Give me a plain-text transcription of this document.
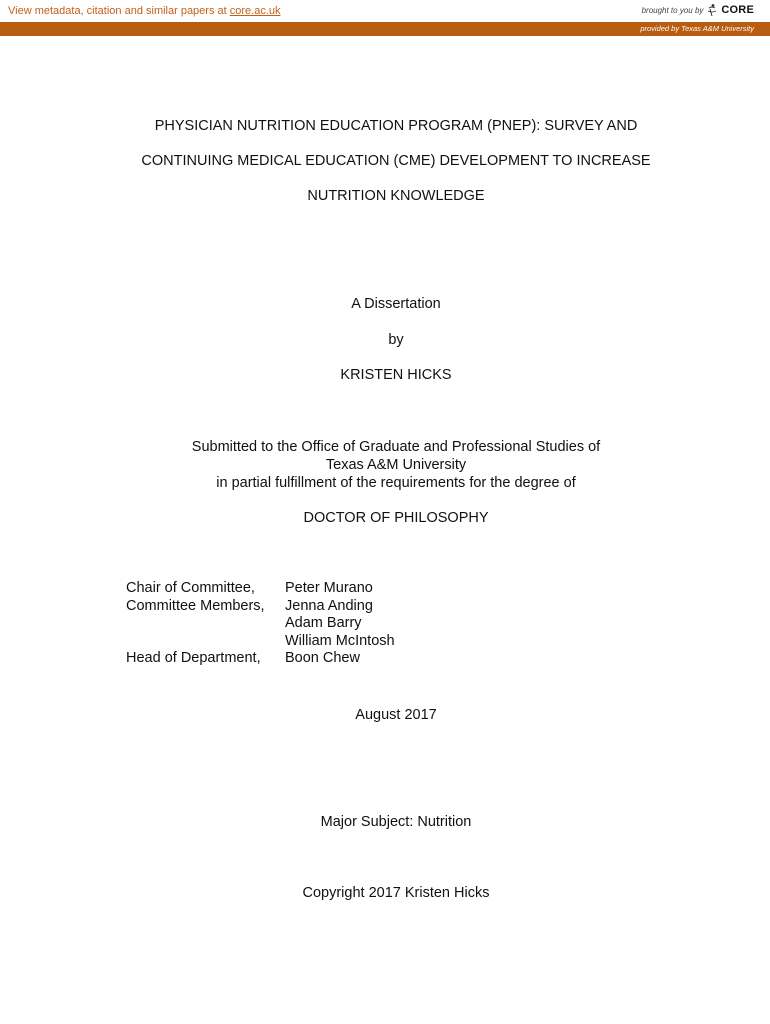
View metadata, citation and similar papers at core.ac.uk	brought to you by CORE
provided by Texas A&M University
PHYSICIAN NUTRITION EDUCATION PROGRAM (PNEP): SURVEY AND
CONTINUING MEDICAL EDUCATION (CME) DEVELOPMENT TO INCREASE
NUTRITION KNOWLEDGE
A Dissertation
by
KRISTEN HICKS
Submitted to the Office of Graduate and Professional Studies of
Texas A&M University
in partial fulfillment of the requirements for the degree of
DOCTOR OF PHILOSOPHY
Chair of Committee,	Peter Murano
Committee Members,	Jenna Anding
Adam Barry
William McIntosh
Head of Department,	Boon Chew
August 2017
Major Subject: Nutrition
Copyright 2017 Kristen Hicks
